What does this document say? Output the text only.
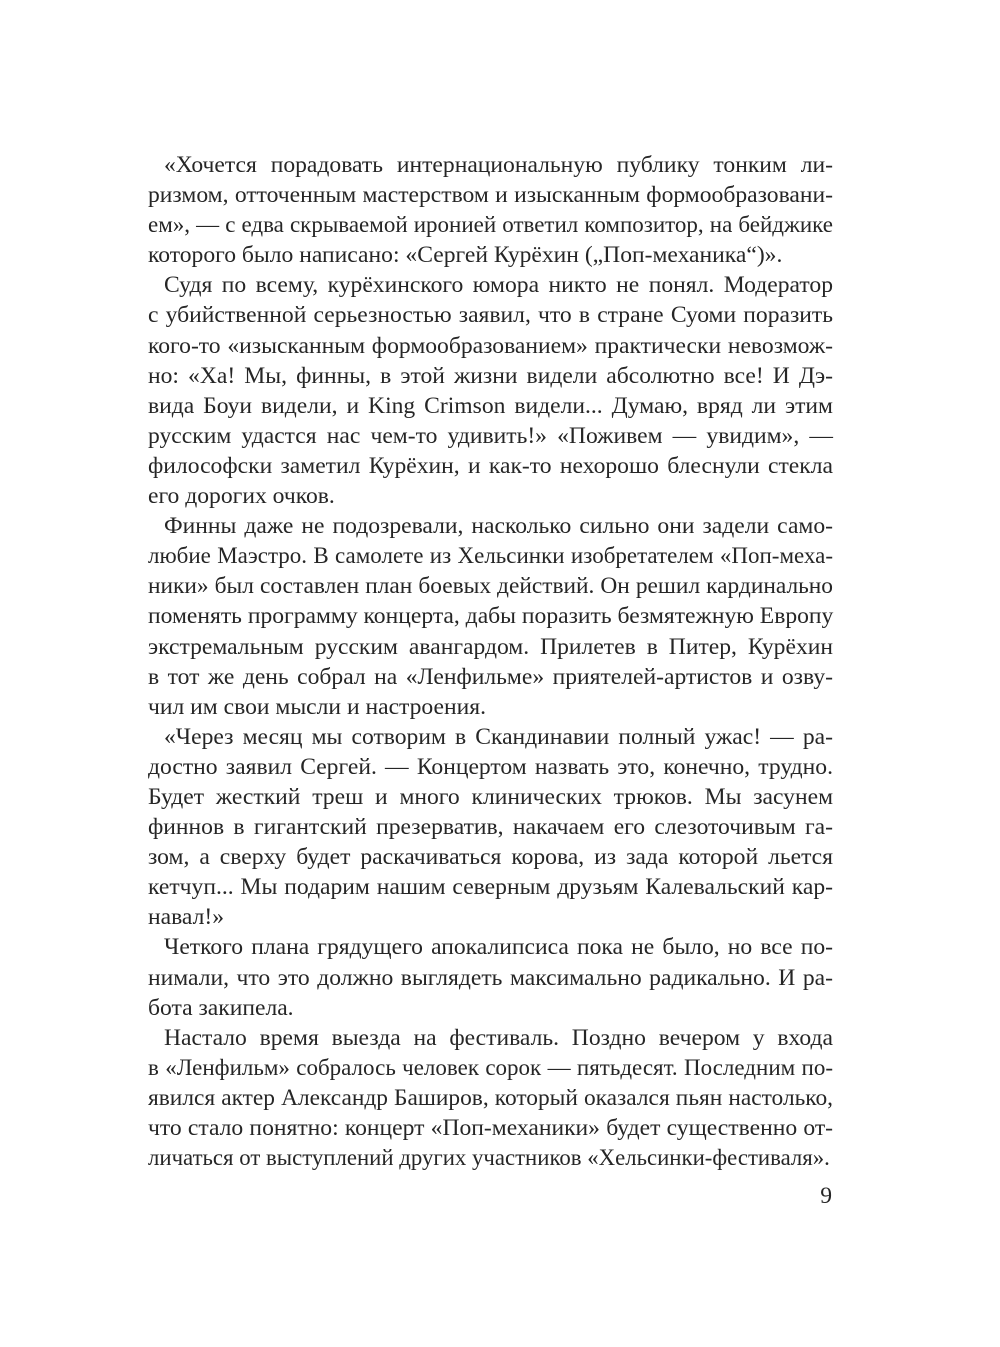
«Хочется порадовать интернациональную публику тонким ли-
ризмом, отточенным мастерством и изысканным формообразовани-
ем», — с едва скрываемой иронией ответил композитор, на бейджике
которого было написано: «Сергей Курёхин („Поп-механика“)».
Судя по всему, курёхинского юмора никто не понял. Модератор
с убийственной серьезностью заявил, что в стране Суоми поразить
кого-то «изысканным формообразованием» практически невозмож-
но: «Ха! Мы, финны, в этой жизни видели абсолютно все! И Дэ-
вида Боуи видели, и King Crimson видели... Думаю, вряд ли этим
русским удастся нас чем-то удивить!» «Поживем — увидим», —
философски заметил Курёхин, и как-то нехорошо блеснули стекла
его дорогих очков.
Финны даже не подозревали, насколько сильно они задели само-
любие Маэстро. В самолете из Хельсинки изобретателем «Поп-меха-
ники» был составлен план боевых действий. Он решил кардинально
поменять программу концерта, дабы поразить безмятежную Европу
экстремальным русским авангардом. Прилетев в Питер, Курёхин
в тот же день собрал на «Ленфильме» приятелей-артистов и озву-
чил им свои мысли и настроения.
«Через месяц мы сотворим в Скандинавии полный ужас! — ра-
достно заявил Сергей. — Концертом назвать это, конечно, трудно.
Будет жесткий треш и много клинических трюков. Мы засунем
финнов в гигантский презерватив, накачаем его слезоточивым га-
зом, а сверху будет раскачиваться корова, из зада которой льется
кетчуп... Мы подарим нашим северным друзьям Калевальский кар-
навал!»
Четкого плана грядущего апокалипсиса пока не было, но все по-
нимали, что это должно выглядеть максимально радикально. И ра-
бота закипела.
Настало время выезда на фестиваль. Поздно вечером у входа
в «Ленфильм» собралось человек сорок — пятьдесят. Последним по-
явился актер Александр Баширов, который оказался пьян настолько,
что стало понятно: концерт «Поп-механики» будет существенно от-
личаться от выступлений других участников «Хельсинки-фестиваля».
9
